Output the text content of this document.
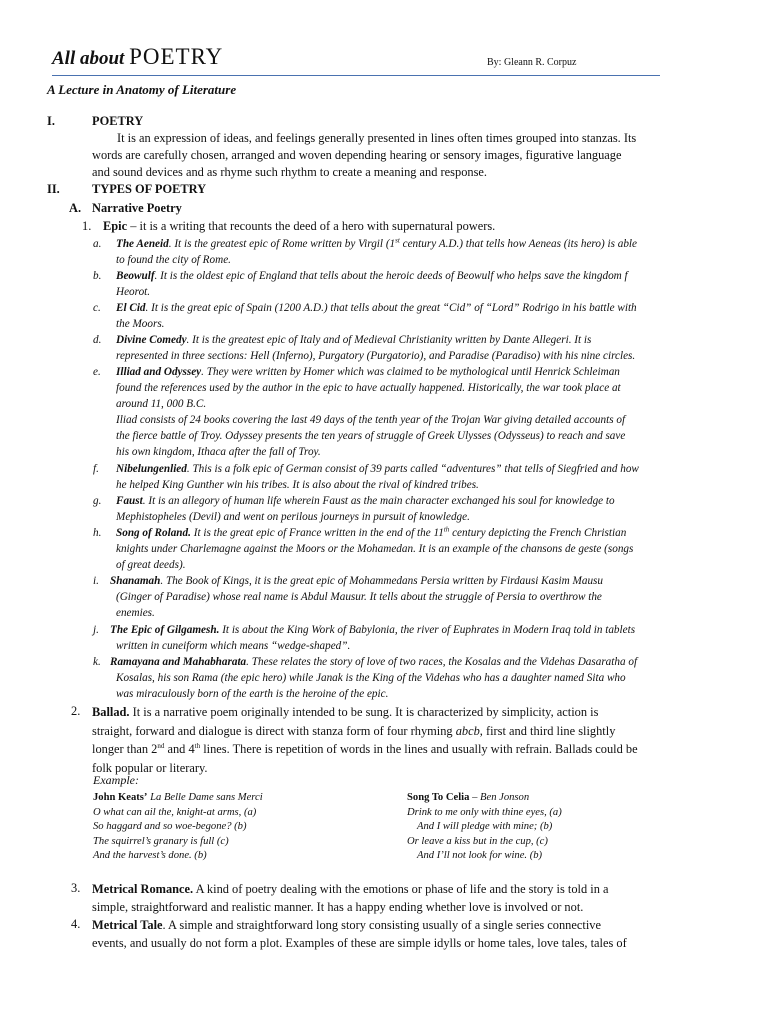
All about POETRY	By: Gleann R. Corpuz
A Lecture in Anatomy of Literature
I.	POETRY
It is an expression of ideas, and feelings generally presented in lines often times grouped into stanzas. Its
words are carefully chosen, arranged and woven depending hearing or sensory images, figurative language
and sound devices and as rhyme such rhythm to create a meaning and response.
II.	TYPES OF POETRY
A. Narrative Poetry
1. Epic – it is a writing that recounts the deed of a hero with supernatural powers.
a. The Aeneid. It is the greatest epic of Rome written by Virgil (1st century A.D.) that tells how Aeneas (its hero) is able
to found the city of Rome.
b. Beowulf. It is the oldest epic of England that tells about the heroic deeds of Beowulf who helps save the kingdom f
Heorot.
c. El Cid. It is the great epic of Spain (1200 A.D.) that tells about the great “Cid” of “Lord” Rodrigo in his battle with
the Moors.
d. Divine Comedy. It is the greatest epic of Italy and of Medieval Christianity written by Dante Allegeri. It is
represented in three sections: Hell (Inferno), Purgatory (Purgatorio), and Paradise (Paradiso) with his nine circles.
e. Illiad and Odyssey. They were written by Homer which was claimed to be mythological until Henrick Schleiman
found the references used by the author in the epic to have actually happened. Historically, the war took place at
around 11, 000 B.C.
Iliad consists of 24 books covering the last 49 days of the tenth year of the Trojan War giving detailed accounts of
the fierce battle of Troy. Odyssey presents the ten years of struggle of Greek Ulysses (Odysseus) to reach and save
his own kingdom, Ithaca after the fall of Troy.
f. Nibelungenlied. This is a folk epic of German consist of 39 parts called “adventures” that tells of Siegfried and how
he helped King Gunther win his tribes. It is also about the rival of kindred tribes.
g. Faust. It is an allegory of human life wherein Faust as the main character exchanged his soul for knowledge to
Mephistopheles (Devil) and went on perilous journeys in pursuit of knowledge.
h. Song of Roland. It is the great epic of France written in the end of the 11th century depicting the French Christian
knights under Charlemagne against the Moors or the Mohamedan. It is an example of the chansons de geste (songs
of great deeds).
i. Shanamah. The Book of Kings, it is the great epic of Mohammedans Persia written by Firdausi Kasim Mausu
(Ginger of Paradise) whose real name is Abdul Mausur. It tells about the struggle of Persia to overthrow the
enemies.
j. The Epic of Gilgamesh. It is about the King Work of Babylonia, the river of Euphrates in Modern Iraq told in tablets
written in cuneiform which means “wedge-shaped”.
k. Ramayana and Mahabharata. These relates the story of love of two races, the Kosalas and the Videhas Dasaratha of
Kosalas, his son Rama (the epic hero) while Janak is the King of the Videhas who has a daughter named Sita who
was miraculously born of the earth is the heroine of the epic.
2. Ballad. It is a narrative poem originally intended to be sung. It is characterized by simplicity, action is
straight, forward and dialogue is direct with stanza form of four rhyming abcb, first and third line slightly
longer than 2nd and 4th lines. There is repetition of words in the lines and usually with refrain. Ballads could be
folk popular or literary.
Example:
John Keats’ La Belle Dame sans Merci
O what can ail the, knight-at arms, (a)
So haggard and so woe-begone? (b)
The squirrel’s granary is full (c)
And the harvest’s done. (b)
Song To Celia – Ben Jonson
Drink to me only with thine eyes, (a)
And I will pledge with mine; (b)
Or leave a kiss but in the cup, (c)
And I’ll not look for wine. (b)
3. Metrical Romance. A kind of poetry dealing with the emotions or phase of life and the story is told in a
simple, straightforward and realistic manner. It has a happy ending whether love is involved or not.
4. Metrical Tale. A simple and straightforward long story consisting usually of a single series connective
events, and usually do not form a plot. Examples of these are simple idylls or home tales, love tales, tales of
